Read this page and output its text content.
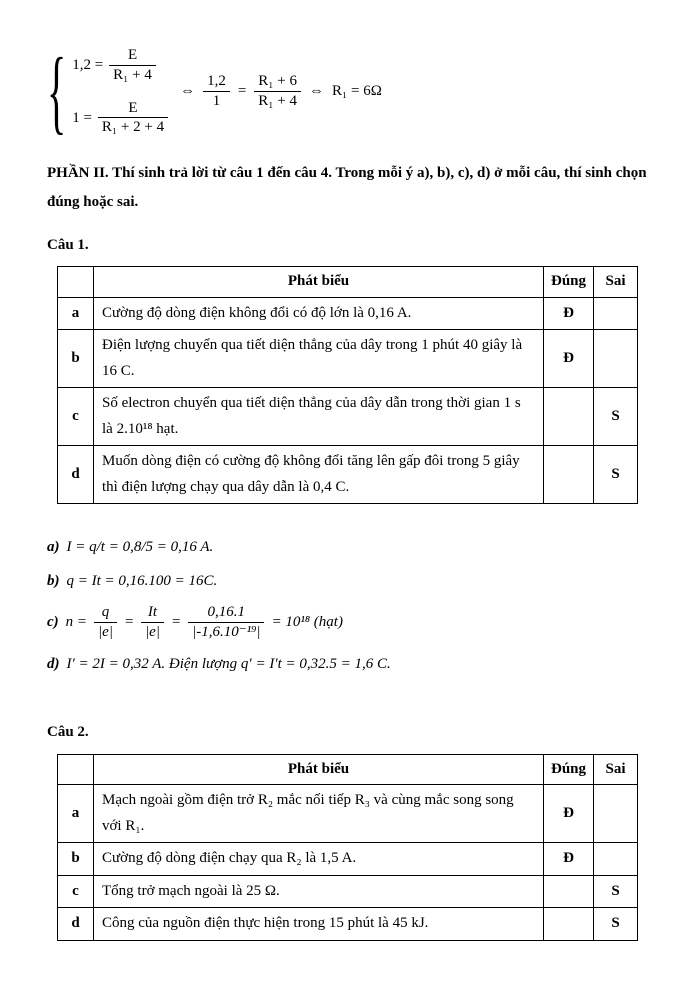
{ $1,2 = \frac{E}{\text{R₁ + 4}}$
$1 = \frac{E}{\text{R₁ + 2 + 4}}$
⇔ $\frac{1,2}{1} = \frac{\text{R₁ + 6}}{\text{R₁ + 4}}$ ⇔ R₁ = 6Ω

PHẦN II. Thí sinh trả lời từ câu 1 đến câu 4. Trong mỗi ý a), b), c), d) ở mỗi câu, thí sinh chọn đúng hoặc sai.

Câu 1.

	Phát biểu	Đúng	Sai
a	Cường độ dòng điện không đổi có độ lớn là 0,16 A.	Đ	
b	Điện lượng chuyển qua tiết diện thẳng của dây trong 1 phút 40 giây là 16 C.	Đ	
c	Số electron chuyển qua tiết diện thẳng của dây dẫn trong thời gian 1 s là 2.10¹⁸ hạt.		S
d	Muốn dòng điện có cường độ không đổi tăng lên gấp đôi trong 5 giây thì điện lượng chạy qua dây dẫn là 0,4 C.		S
a) I = q/t = 0,8/5 = 0,16 A.
b) q = It = 0,16.100 = 16C.
c) $n = \frac{q}{|e|} = \frac{It}{|e|} = \frac{0,16.1}{\text{|-1,6.10⁻¹⁹|}} = 10^{18}$ (hạt)
d) I′ = 2I = 0,32 A. Điện lượng q′ = I′t = 0,32.5 = 1,6 C.

Câu 2.

	Phát biểu	Đúng	Sai
a	Mạch ngoài gồm điện trở R₂ mắc nối tiếp R₃ và cùng mắc song song với R₁.	Đ	
b	Cường độ dòng điện chạy qua R₂ là 1,5 A.	Đ	
c	Tổng trở mạch ngoài là 25 Ω.		S
d	Công của nguồn điện thực hiện trong 15 phút là 45 kJ.		S
